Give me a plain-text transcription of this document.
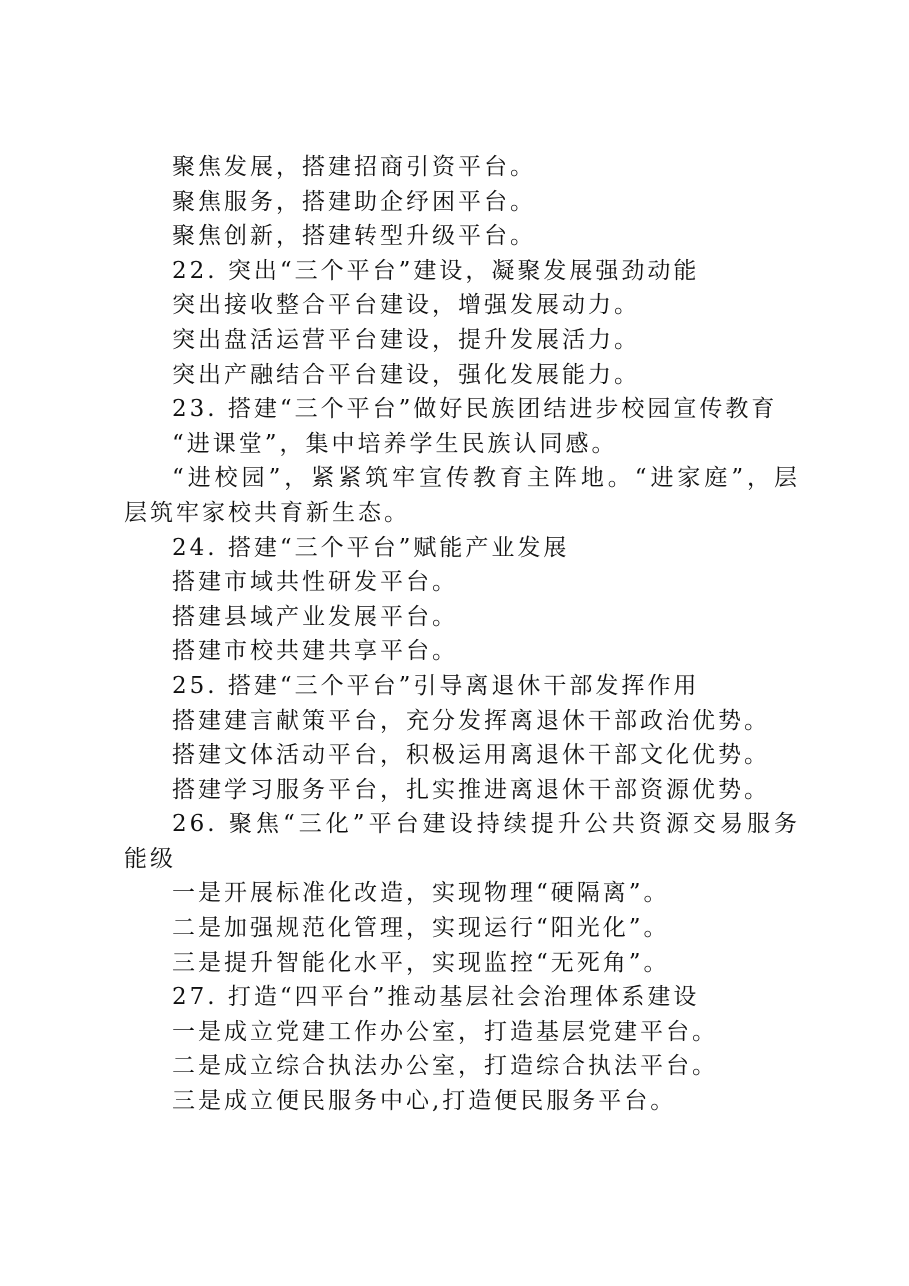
聚焦发展，搭建招商引资平台。

聚焦服务，搭建助企纾困平台。

聚焦创新，搭建转型升级平台。

22. 突出“三个平台”建设，凝聚发展强劲动能

突出接收整合平台建设，增强发展动力。

突出盘活运营平台建设，提升发展活力。

突出产融结合平台建设，强化发展能力。

23. 搭建“三个平台”做好民族团结进步校园宣传教育

“进课堂”，集中培养学生民族认同感。

“进校园”，紧紧筑牢宣传教育主阵地。“进家庭”，层层筑牢家校共育新生态。

24. 搭建“三个平台”赋能产业发展

搭建市域共性研发平台。

搭建县域产业发展平台。

搭建市校共建共享平台。

25. 搭建“三个平台”引导离退休干部发挥作用

搭建建言献策平台，充分发挥离退休干部政治优势。

搭建文体活动平台，积极运用离退休干部文化优势。

搭建学习服务平台，扎实推进离退休干部资源优势。

26. 聚焦“三化”平台建设持续提升公共资源交易服务能级

一是开展标准化改造，实现物理“硬隔离”。

二是加强规范化管理，实现运行“阳光化”。

三是提升智能化水平，实现监控“无死角”。

27. 打造“四平台”推动基层社会治理体系建设

一是成立党建工作办公室，打造基层党建平台。

二是成立综合执法办公室，打造综合执法平台。

三是成立便民服务中心,打造便民服务平台。
